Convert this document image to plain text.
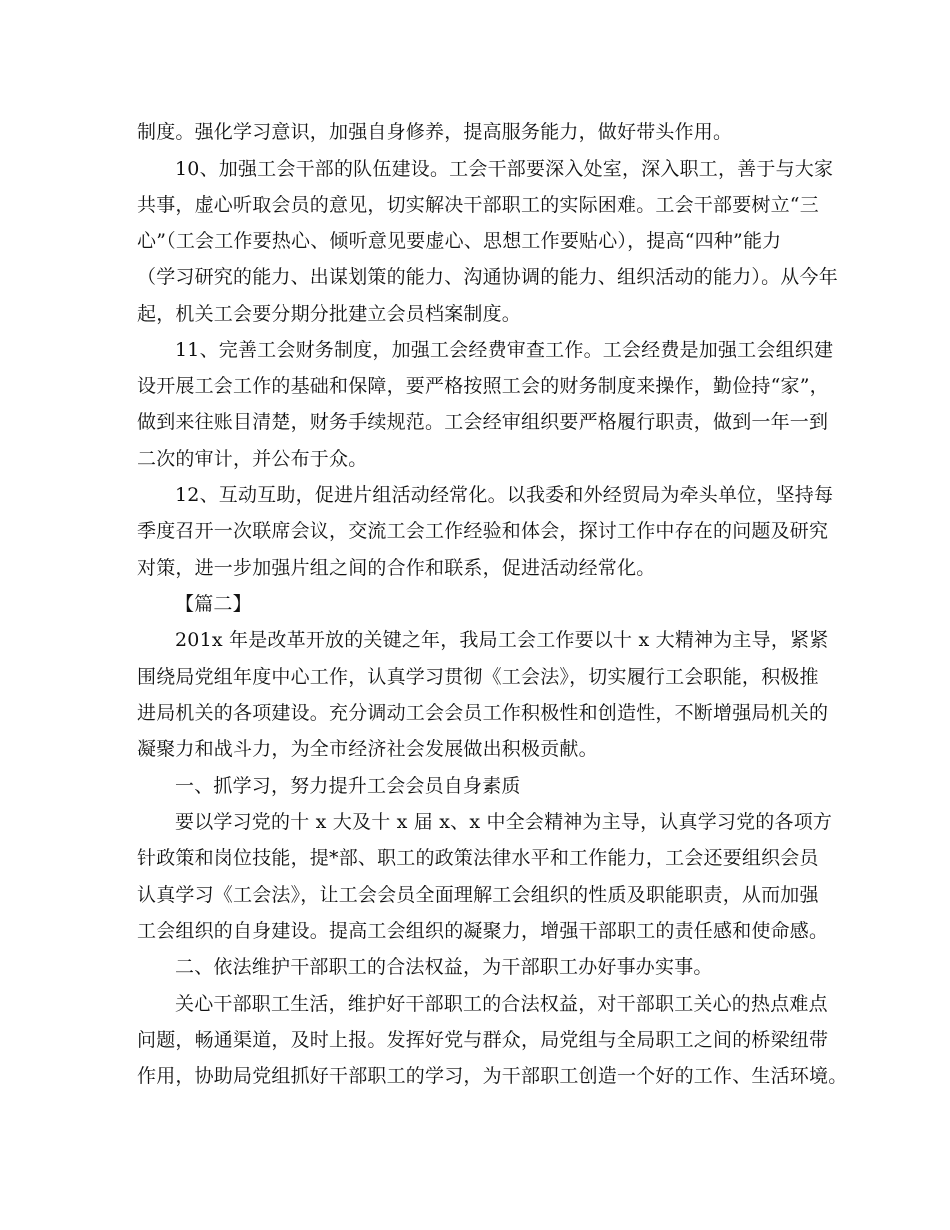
制度。强化学习意识，加强自身修养，提高服务能力，做好带头作用。
10、加强工会干部的队伍建设。工会干部要深入处室，深入职工，善于与大家
共事，虚心听取会员的意见，切实解决干部职工的实际困难。工会干部要树立“三
心”（工会工作要热心、倾听意见要虚心、思想工作要贴心），提高“四种”能力
（学习研究的能力、出谋划策的能力、沟通协调的能力、组织活动的能力）。从今年
起，机关工会要分期分批建立会员档案制度。
11、完善工会财务制度，加强工会经费审查工作。工会经费是加强工会组织建
设开展工会工作的基础和保障，要严格按照工会的财务制度来操作，勤俭持“家”，
做到来往账目清楚，财务手续规范。工会经审组织要严格履行职责，做到一年一到
二次的审计，并公布于众。
12、互动互助，促进片组活动经常化。以我委和外经贸局为牵头单位，坚持每
季度召开一次联席会议，交流工会工作经验和体会，探讨工作中存在的问题及研究
对策，进一步加强片组之间的合作和联系，促进活动经常化。
【篇二】
201x 年是改革开放的关键之年，我局工会工作要以十 x 大精神为主导，紧紧
围绕局党组年度中心工作，认真学习贯彻《工会法》，切实履行工会职能，积极推
进局机关的各项建设。充分调动工会会员工作积极性和创造性，不断增强局机关的
凝聚力和战斗力，为全市经济社会发展做出积极贡献。
一、抓学习，努力提升工会会员自身素质
要以学习党的十 x 大及十 x 届 x、x 中全会精神为主导，认真学习党的各项方
针政策和岗位技能，提*部、职工的政策法律水平和工作能力，工会还要组织会员
认真学习《工会法》，让工会会员全面理解工会组织的性质及职能职责，从而加强
工会组织的自身建设。提高工会组织的凝聚力，增强干部职工的责任感和使命感。
二、依法维护干部职工的合法权益，为干部职工办好事办实事。
关心干部职工生活，维护好干部职工的合法权益，对干部职工关心的热点难点
问题，畅通渠道，及时上报。发挥好党与群众，局党组与全局职工之间的桥梁纽带
作用，协助局党组抓好干部职工的学习，为干部职工创造一个好的工作、生活环境。
